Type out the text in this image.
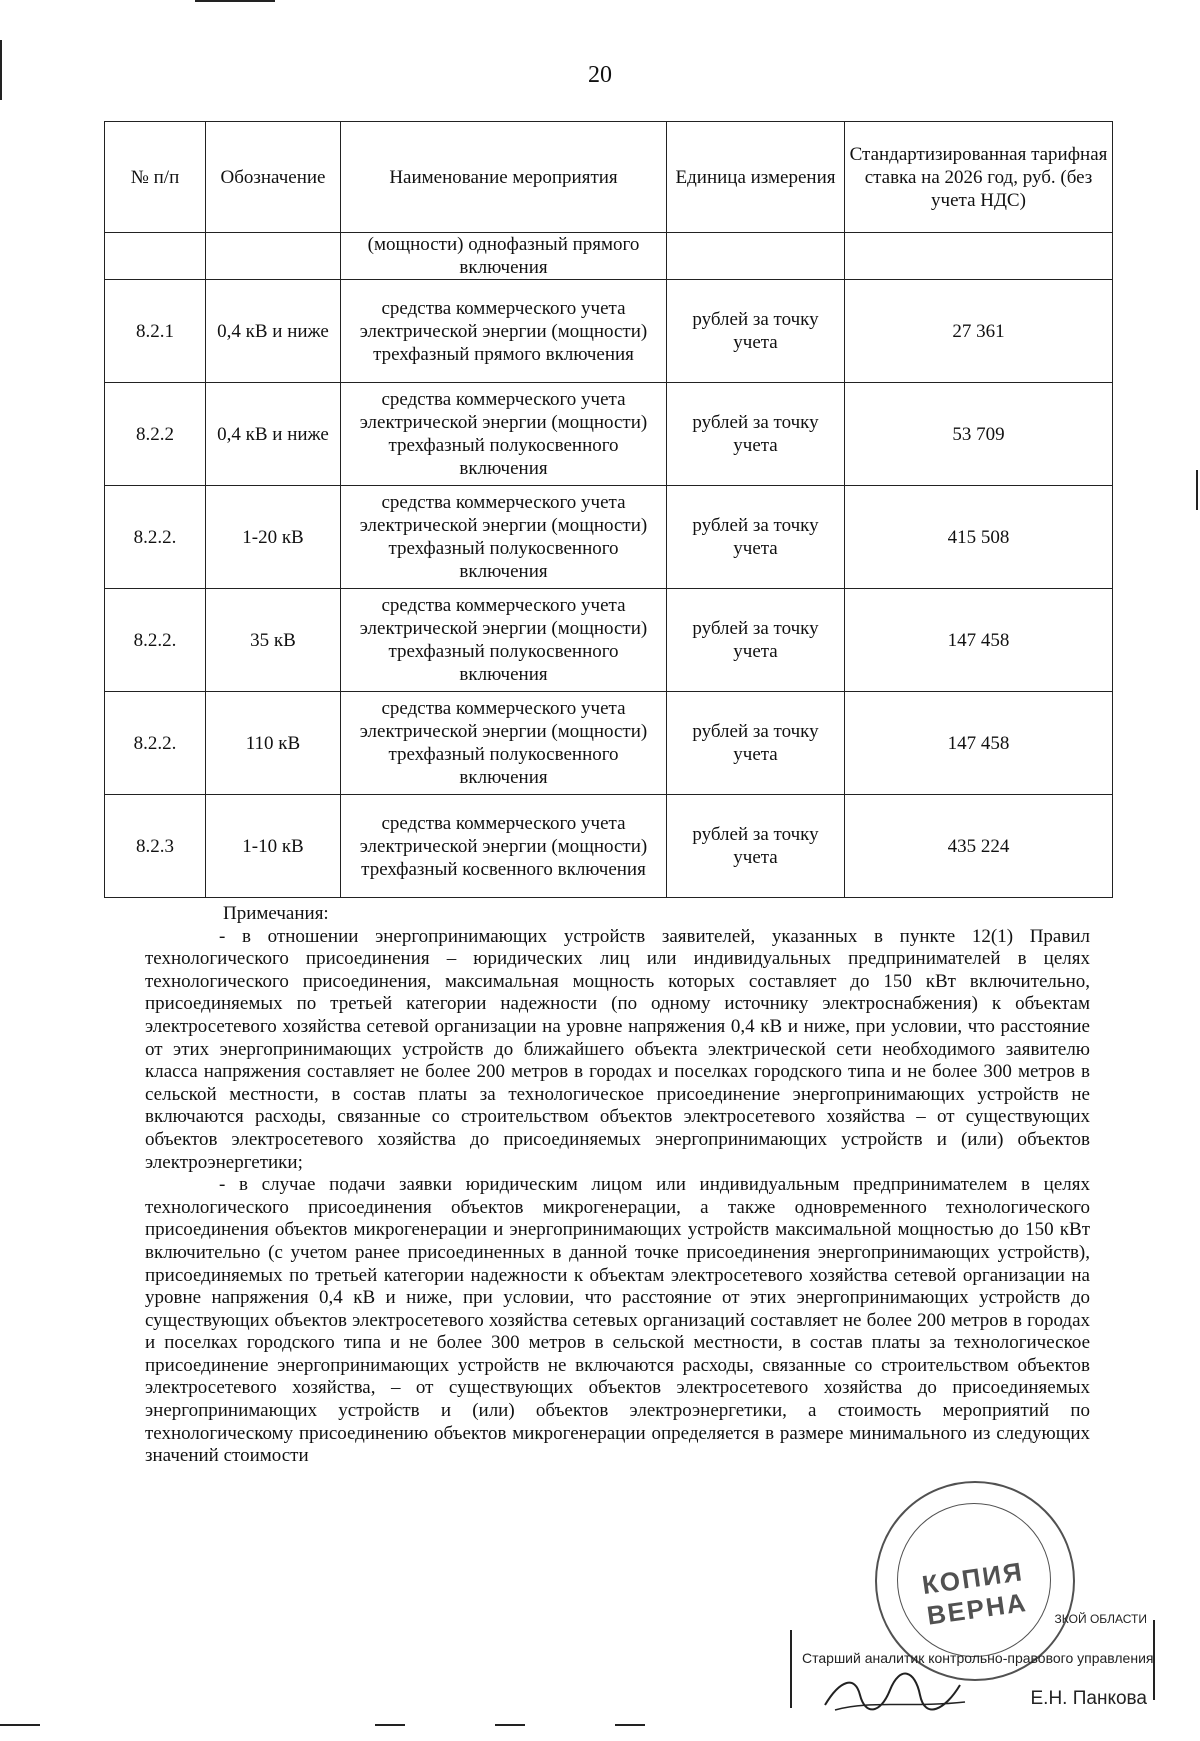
20
№ п/п	Обозначение	Наименование мероприятия	Единица измерения	Стандартизированная тарифная ставка на 2026 год, руб. (без учета НДС)
		(мощности) однофазный прямого включения		
8.2.1	0,4 кВ и ниже	средства коммерческого учета электрической энергии (мощности) трехфазный прямого включения	рублей за точку учета	27 361
8.2.2	0,4 кВ и ниже	средства коммерческого учета электрической энергии (мощности) трехфазный полукосвенного включения	рублей за точку учета	53 709
8.2.2.	1-20 кВ	средства коммерческого учета электрической энергии (мощности) трехфазный полукосвенного включения	рублей за точку учета	415 508
8.2.2.	35 кВ	средства коммерческого учета электрической энергии (мощности) трехфазный полукосвенного включения	рублей за точку учета	147 458
8.2.2.	110 кВ	средства коммерческого учета электрической энергии (мощности) трехфазный полукосвенного включения	рублей за точку учета	147 458
8.2.3	1-10 кВ	средства коммерческого учета электрической энергии (мощности) трехфазный косвенного включения	рублей за точку учета	435 224

Примечания:

- в отношении энергопринимающих устройств заявителей, указанных в пункте 12(1) Правил технологического присоединения – юридических лиц или индивидуальных предпринимателей в целях технологического присоединения, максимальная мощность которых составляет до 150 кВт включительно, присоединяемых по третьей категории надежности (по одному источнику электроснабжения) к объектам электросетевого хозяйства сетевой организации на уровне напряжения 0,4 кВ и ниже, при условии, что расстояние от этих энергопринимающих устройств до ближайшего объекта электрической сети необходимого заявителю класса напряжения составляет не более 200 метров в городах и поселках городского типа и не более 300 метров в сельской местности, в состав платы за технологическое присоединение энергопринимающих устройств не включаются расходы, связанные со строительством объектов электросетевого хозяйства – от существующих объектов электросетевого хозяйства до присоединяемых энергопринимающих устройств и (или) объектов электроэнергетики;

- в случае подачи заявки юридическим лицом или индивидуальным предпринимателем в целях технологического присоединения объектов микрогенерации, а также одновременного технологического присоединения объектов микрогенерации и энергопринимающих устройств максимальной мощностью до 150 кВт включительно (с учетом ранее присоединенных в данной точке присоединения энергопринимающих устройств), присоединяемых по третьей категории надежности к объектам электросетевого хозяйства сетевой организации на уровне напряжения 0,4 кВ и ниже, при условии, что расстояние от этих энергопринимающих устройств до существующих объектов электросетевого хозяйства сетевых организаций составляет не более 200 метров в городах и поселках городского типа и не более 300 метров в сельской местности, в состав платы за технологическое присоединение энергопринимающих устройств не включаются расходы, связанные со строительством объектов электросетевого хозяйства, – от существующих объектов электросетевого хозяйства до присоединяемых энергопринимающих устройств и (или) объектов электроэнергетики, а стоимость мероприятий по технологическому присоединению объектов микрогенерации определяется в размере минимального из следующих значений стоимости

КОПИЯ ВЕРНА	ЗКОЙ ОБЛАСТИ
Старший аналитик контрольно-правового управления
Е.Н. Панкова
